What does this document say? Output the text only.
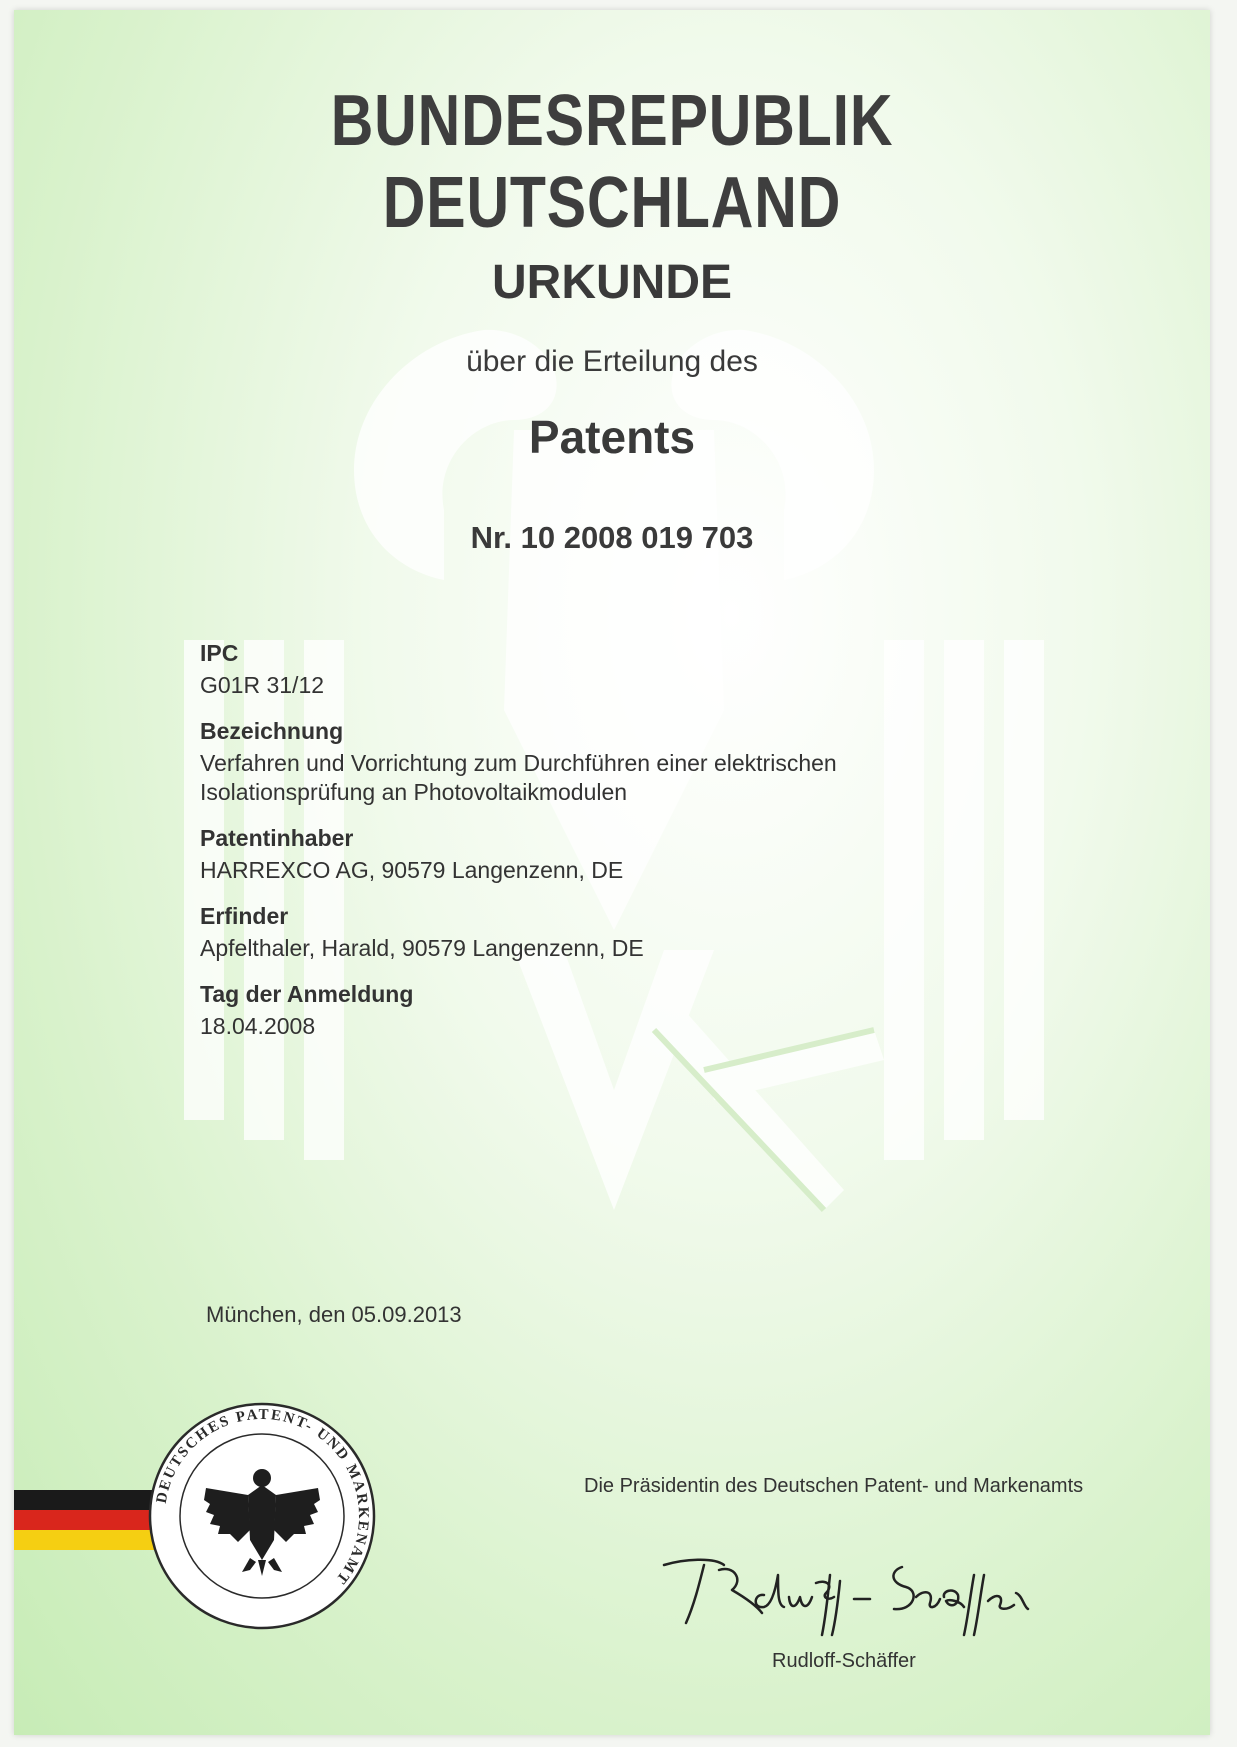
BUNDESREPUBLIK DEUTSCHLAND
URKUNDE
über die Erteilung des
Patents
Nr. 10 2008 019 703
IPC
G01R 31/12
Bezeichnung
Verfahren und Vorrichtung zum Durchführen einer elektrischen
Isolationsprüfung an Photovoltaikmodulen
Patentinhaber
HARREXCO AG, 90579 Langenzenn, DE
Erfinder
Apfelthaler, Harald, 90579 Langenzenn, DE
Tag der Anmeldung
18.04.2008
München, den 05.09.2013
DEUTSCHES PATENT- UND MARKENAMT
Die Präsidentin des Deutschen Patent- und Markenamts
Rudloff-Schäffer
